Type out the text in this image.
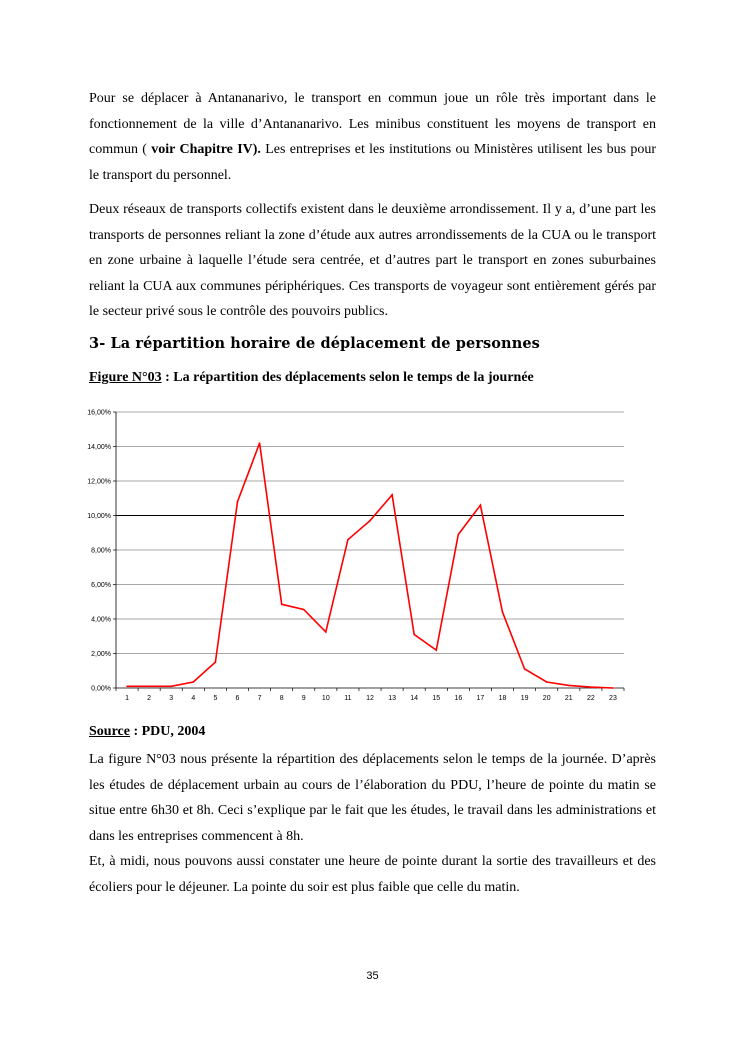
Pour se déplacer à Antananarivo, le transport en commun joue un rôle très important dans le fonctionnement de la ville d’Antananarivo. Les minibus constituent les moyens de transport en commun ( voir Chapitre IV). Les entreprises et les institutions ou Ministères utilisent les bus pour le transport du personnel.

Deux réseaux de transports collectifs existent dans le deuxième arrondissement. Il y a, d’une part les transports de personnes reliant la zone d’étude aux autres arrondissements de la CUA ou le transport en zone urbaine à laquelle l’étude sera centrée, et d’autres part le transport en zones suburbaines reliant la CUA aux communes périphériques. Ces transports de voyageur sont entièrement gérés par le secteur privé sous le contrôle des pouvoirs publics.

3- La répartition horaire de déplacement de personnes

Figure N°03 : La répartition des déplacements selon le temps de la journée

0,00%
2,00%
4,00%
6,00%
8,00%
10,00%
12,00%
14,00%
16,00%
1	2	3	4	5	6	7	8	9 10 11 12 13 14 15 16 17 18 19 20 21 22 23

Source : PDU, 2004

La figure N°03 nous présente la répartition des déplacements selon le temps de la journée. D’après les études de déplacement urbain au cours de l’élaboration du PDU, l’heure de pointe du matin se situe entre 6h30 et 8h. Ceci s’explique par le fait que les études, le travail dans les administrations et dans les entreprises commencent à 8h.
Et, à midi, nous pouvons aussi constater une heure de pointe durant la sortie des travailleurs et des écoliers pour le déjeuner. La pointe du soir est plus faible que celle du matin.
35
